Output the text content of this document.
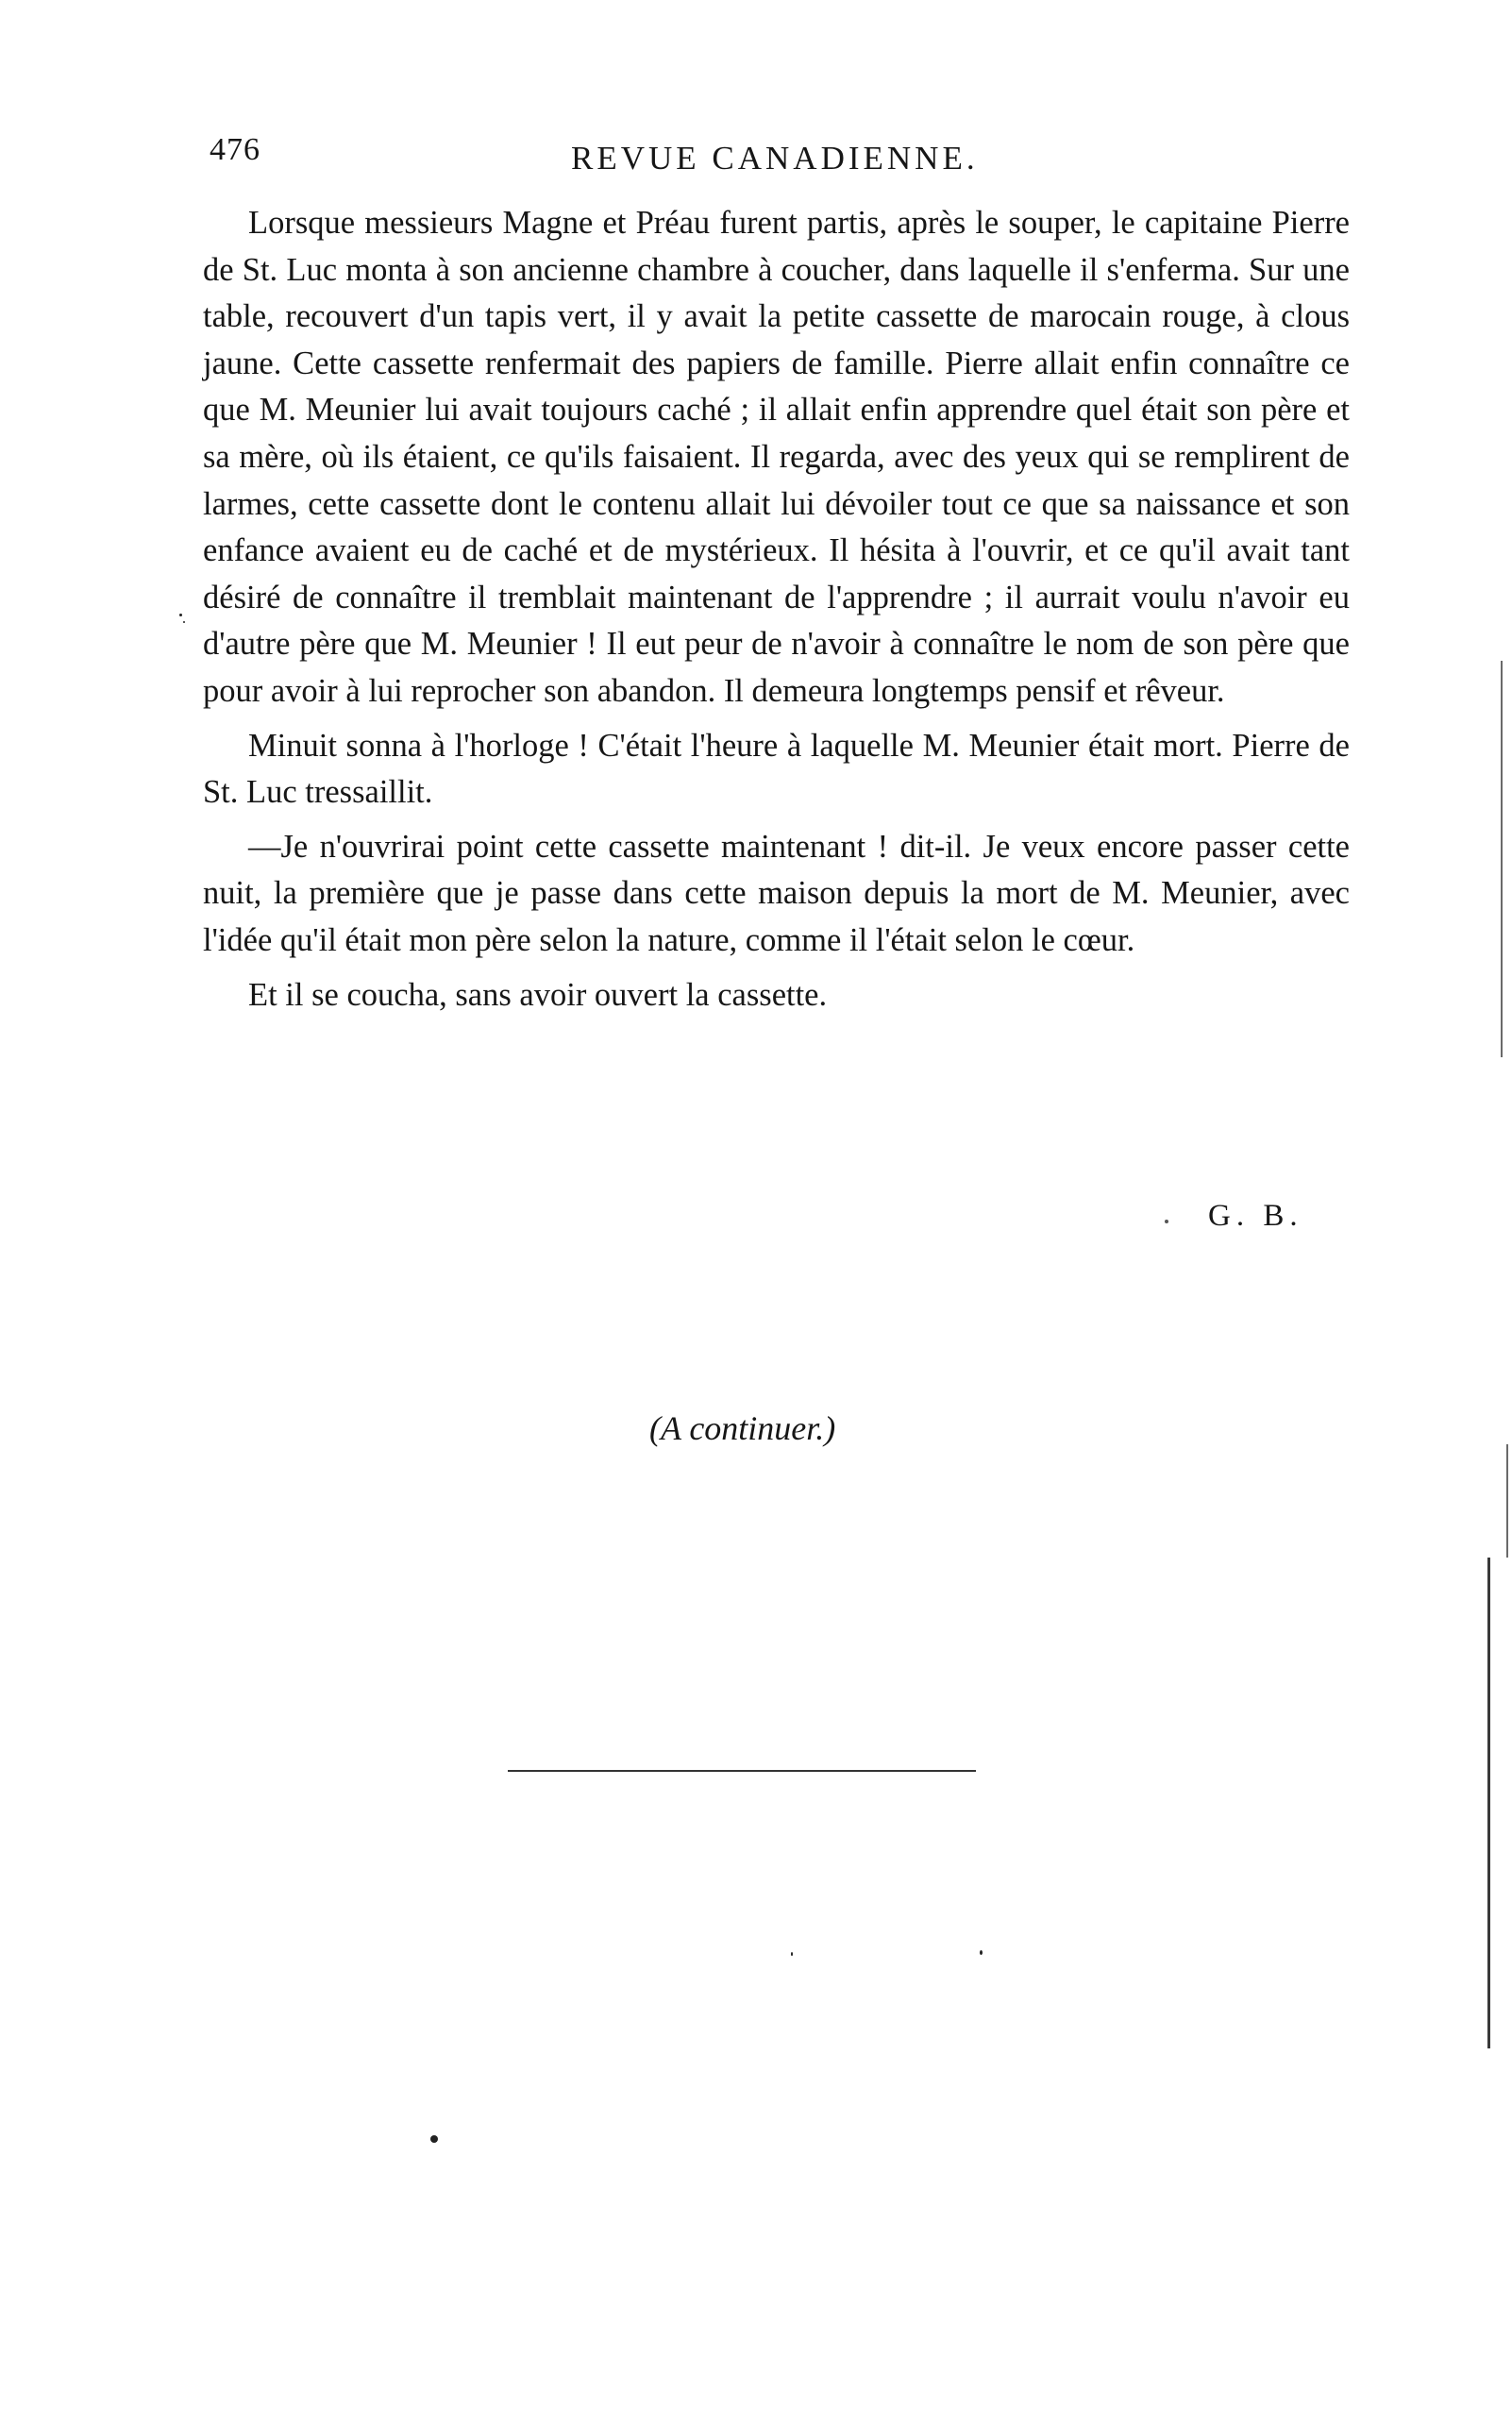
476	REVUE CANADIENNE.

Lorsque messieurs Magne et Préau furent partis, après le souper, le capitaine Pierre de St. Luc monta à son ancienne chambre à coucher, dans laquelle il s'enferma. Sur une table, recouvert d'un tapis vert, il y avait la petite cassette de marocain rouge, à clous jaune. Cette cassette renfermait des papiers de famille. Pierre allait enfin connaître ce que M. Meunier lui avait toujours caché ; il allait enfin apprendre quel était son père et sa mère, où ils étaient, ce qu'ils faisaient. Il regarda, avec des yeux qui se remplirent de larmes, cette cassette dont le contenu allait lui dévoiler tout ce que sa naissance et son enfance avaient eu de caché et de mystérieux. Il hésita à l'ouvrir, et ce qu'il avait tant désiré de connaître il tremblait maintenant de l'apprendre ; il aurrait voulu n'avoir eu d'autre père que M. Meunier ! Il eut peur de n'avoir à connaître le nom de son père que pour avoir à lui reprocher son abandon. Il demeura longtemps pensif et rêveur.

Minuit sonna à l'horloge ! C'était l'heure à laquelle M. Meunier était mort. Pierre de St. Luc tressaillit.

—Je n'ouvrirai point cette cassette maintenant ! dit-il. Je veux encore passer cette nuit, la première que je passe dans cette maison depuis la mort de M. Meunier, avec l'idée qu'il était mon père selon la nature, comme il l'était selon le cœur.

Et il se coucha, sans avoir ouvert la cassette.

G. B.
(A continuer.)
